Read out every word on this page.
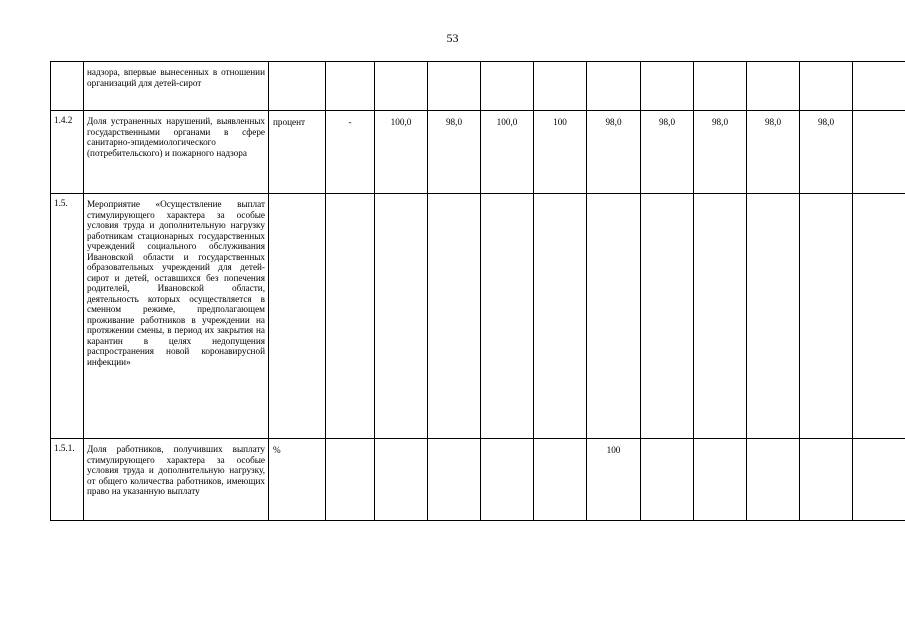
53
	надзора, впервые вынесенных в отношении организаций для детей-сирот												
1.4.2	Доля устраненных нарушений, выявленных государственными органами в сфере санитарно-эпидемиологического (потребительского) и пожарного надзора	процент	-	100,0	98,0	100,0	100	98,0	98,0	98,0	98,0	98,0	
1.5.	Мероприятие «Осуществление выплат стимулирующего характера за особые условия труда и дополнительную нагрузку работникам стационарных государственных учреждений социального обслуживания Ивановской области и государственных образовательных учреждений для детей-сирот и детей, оставшихся без попечения родителей, Ивановской области, деятельность которых осуществляется в сменном режиме, предполагающем проживание работников в учреждении на протяжении смены, в период их закрытия на карантин в целях недопущения распространения новой коронавирусной инфекции»												
1.5.1.	Доля работников, получивших выплату стимулирующего характера за особые условия труда и дополнительную нагрузку, от общего количества работников, имеющих право на указанную выплату	%						100					
